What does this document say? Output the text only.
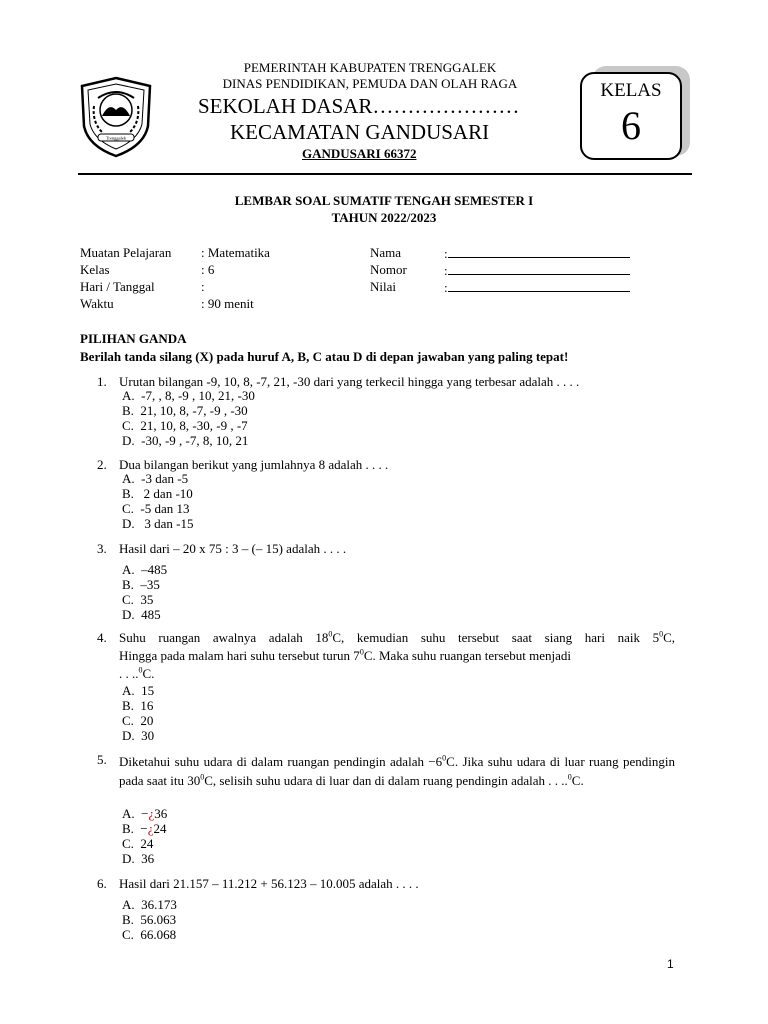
Trenggalek
PEMERINTAH KABUPATEN TRENGGALEK
DINAS PENDIDIKAN, PEMUDA DAN OLAH RAGA
SEKOLAH DASAR…………………
KECAMATAN GANDUSARI
GANDUSARI 66372
KELAS
6
LEMBAR SOAL SUMATIF TENGAH SEMESTER I
TAHUN 2022/2023
Muatan Pelajaran : Matematika
Kelas	: 6
Hari / Tanggal	:
Waktu	: 90 menit
Nama	:
Nomor	:
Nilai	:
PILIHAN GANDA
Berilah tanda silang (X) pada huruf A, B, C atau D di depan jawaban yang paling tepat!
1. Urutan bilangan -9, 10, 8, -7, 21, -30 dari yang terkecil hingga yang terbesar adalah . . . .
A. -7, , 8, -9 , 10, 21, -30
B. 21, 10, 8, -7, -9 , -30
C. 21, 10, 8, -30, -9 , -7
D. -30, -9 , -7, 8, 10, 21
2. Dua bilangan berikut yang jumlahnya 8 adalah . . . .
A. -3 dan -5
B.   2 dan -10
C. -5 dan 13
D.   3 dan -15
3. Hasil dari – 20 x 75 : 3 – (– 15) adalah . . . .
A. –485
B. –35
C. 35
D. 485
4. Suhu ruangan awalnya adalah $18^0C$, kemudian suhu tersebut saat siang hari naik $5^0C$,
Hingga pada malam hari suhu tersebut turun $7^0C$. Maka suhu ruangan tersebut menjadi
. . ..$^0$C.
A. 15
B. 16
C. 20
D. 30
5. Diketahui suhu udara di dalam ruangan pendingin adalah $-6^0C$. Jika suhu udara di luar ruang pendingin pada saat itu $30^0C$, selisih suhu udara di luar dan di dalam ruang pendingin adalah . . ..$^0$C.
A. −¿36
B. −¿24
C. 24
D. 36
6. Hasil dari 21.157 – 11.212 + 56.123 – 10.005 adalah . . . .
A. 36.173
B. 56.063
C. 66.068
1
